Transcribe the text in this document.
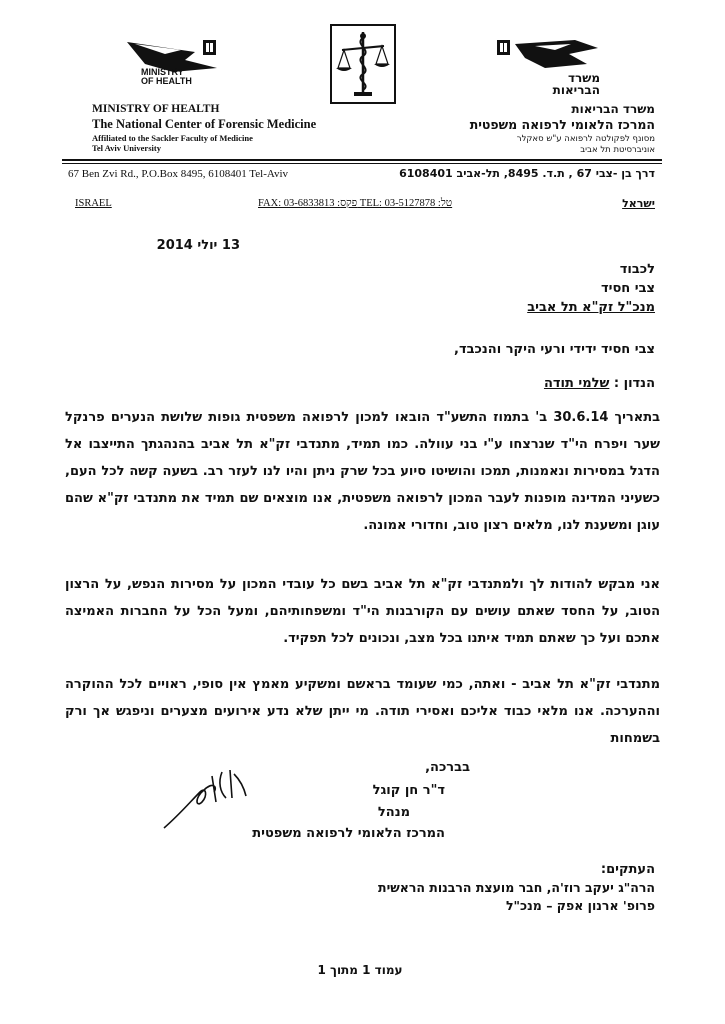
MINISTRY
OF HEALTH	משרד
הבריאות
MINISTRY OF HEALTH
The National Center of Forensic Medicine
Affiliated to the Sackler Faculty of Medicine
Tel Aviv University
משרד הבריאות
המרכז הלאומי לרפואה משפטית
מסונף לפקולטה לרפואה ע"ש סאקלר
אוניברסיטת תל אביב
67 Ben Zvi Rd., P.O.Box 8495, 6108401 Tel-Aviv	דרך בן -צבי 67 , ת.ד. 8495, תל-אביב 6108401
ISRAEL	FAX: 03-6833813 :פקס TEL: 03-5127878 :טל	ישראל
13 יולי 2014
לכבוד
צבי חסיד
מנכ"ל זק"א תל אביב
צבי חסיד ידידי ורעי היקר והנכבד,
הנדון : שלמי תודה

בתאריך 30.6.14 ב' בתמוז התשע"ד הובאו למכון לרפואה משפטית גופות שלושת הנערים פרנקל שער ויפרח הי"ד שנרצחו ע"י בני עוולה. כמו תמיד, מתנדבי זק"א תל אביב בהנהגתך התייצבו אל הדגל במסירות ונאמנות, תמכו והושיטו סיוע בכל שרק ניתן והיו לנו לעזר רב. בשעה קשה לכל העם, כשעיני המדינה מופנות לעבר המכון לרפואה משפטית, אנו מוצאים שם תמיד את מתנדבי זק"א שהם עוגן ומשענת לנו, מלאים רצון טוב, וחדורי אמונה.

אני מבקש להודות לך ולמתנדבי זק"א תל אביב בשם כל עובדי המכון על מסירות הנפש, על הרצון הטוב, על החסד שאתם עושים עם הקורבנות הי"ד ומשפחותיהם, ומעל הכל על החברות האמיצה אתכם ועל כך שאתם תמיד איתנו בכל מצב, ונכונים לכל תפקיד.

מתנדבי זק"א תל אביב - ואתה, כמי שעומד בראשם ומשקיע מאמץ אין סופי, ראויים לכל ההוקרה וההערכה. אנו מלאי כבוד אליכם ואסירי תודה. מי ייתן שלא נדע אירועים מצערים וניפגש אך ורק בשמחות

בברכה,
ד"ר חן קוגל
מנהל
המרכז הלאומי לרפואה משפטית
העתקים:
הרה"ג יעקב רוז'ה, חבר מועצת הרבנות הראשית
פרופ' ארנון אפק – מנכ"ל
עמוד 1 מתוך 1
